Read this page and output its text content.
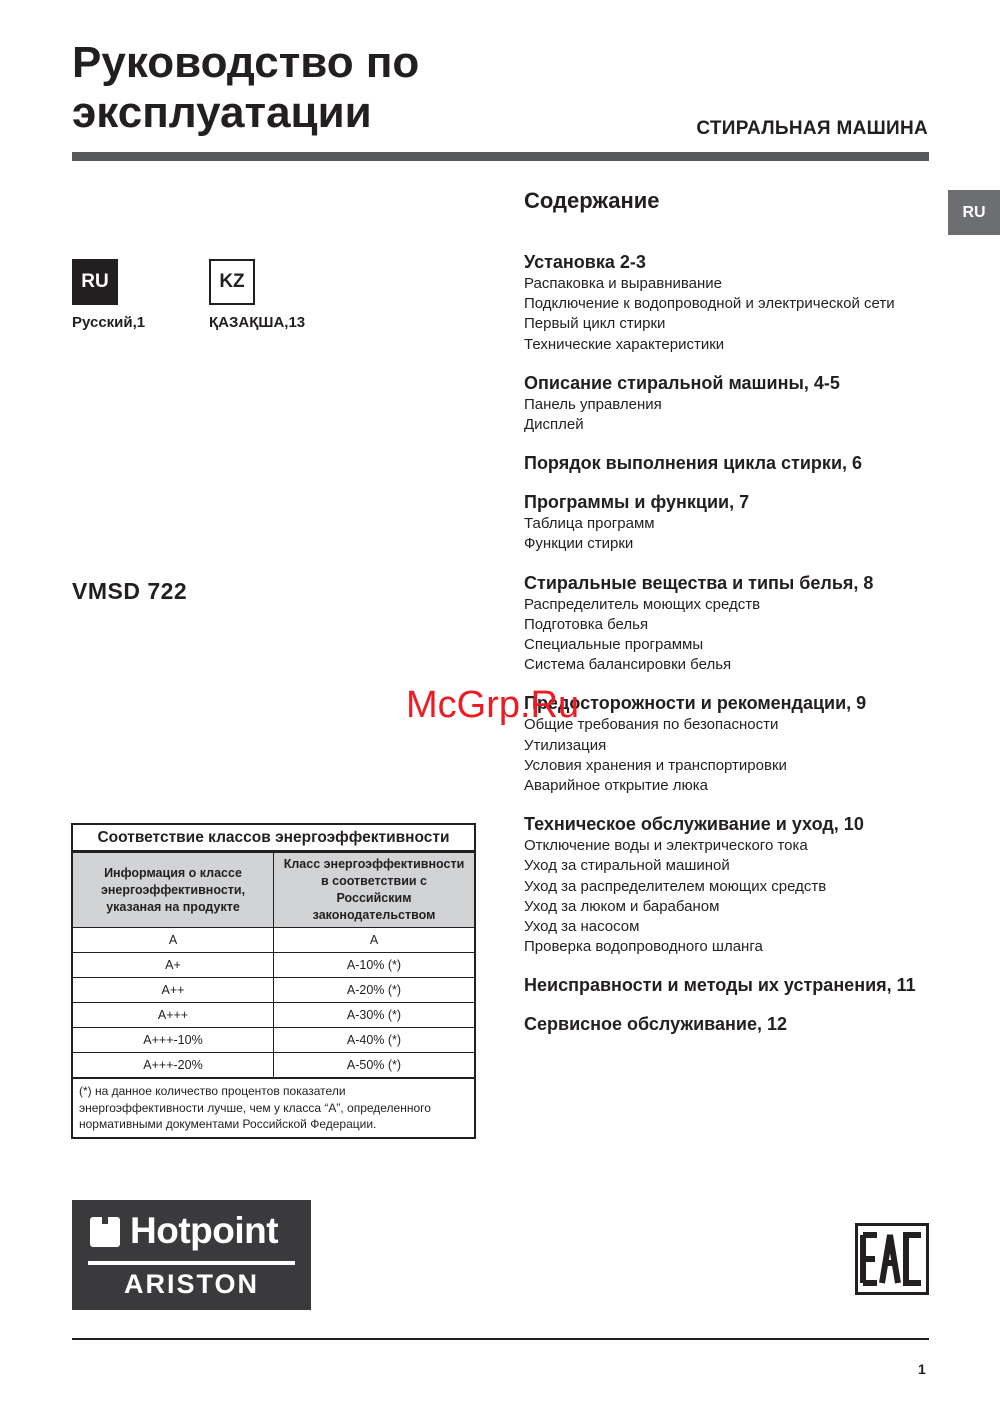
Руководство по
эксплуатации	СТИРАЛЬНАЯ МАШИНА
RU
RU
Русский,1
KZ
ҚАЗАҚША,13
VMSD 722
Содержание
Установка 2-3
Распаковка и выравнивание
Подключение к водопроводной и электрической сети
Первый цикл стирки
Технические характеристики
Описание стиральной машины, 4-5
Панель управления
Дисплей
Порядок выполнения цикла стирки, 6
Программы и функции, 7
Таблица программ
Функции стирки
Стиральные вещества и типы белья, 8
Распределитель моющих средств
Подготовка белья
Специальные программы
Система балансировки белья
Предосторожности и рекомендации, 9
Общие требования по безопасности
Утилизация
Условия хранения и транспортировки
Аварийное открытие люка
Техническое обслуживание и уход, 10
Отключение воды и электрического тока
Уход за стиральной машиной
Уход за распределителем моющих средств
Уход за люком и барабаном
Уход за насосом
Проверка водопроводного шланга
Неисправности и методы их устранения, 11
Сервисное обслуживание, 12
Соответствие классов энергоэффективности
Информация о классе энергоэффективности, указаная на продукте	Класс энергоэффективности в соответствии с Российским законодательством
A	A
A+	A-10% (*)
A++	A-20% (*)
A+++	A-30% (*)
A+++-10%	A-40% (*)
A+++-20%	A-50% (*)
(*) на данное количество процентов показатели энергоэффективности лучше, чем у класса “A”, определенного нормативными документами Российской Федерации.
Hotpoint
ARISTON
1
McGrp.Ru
